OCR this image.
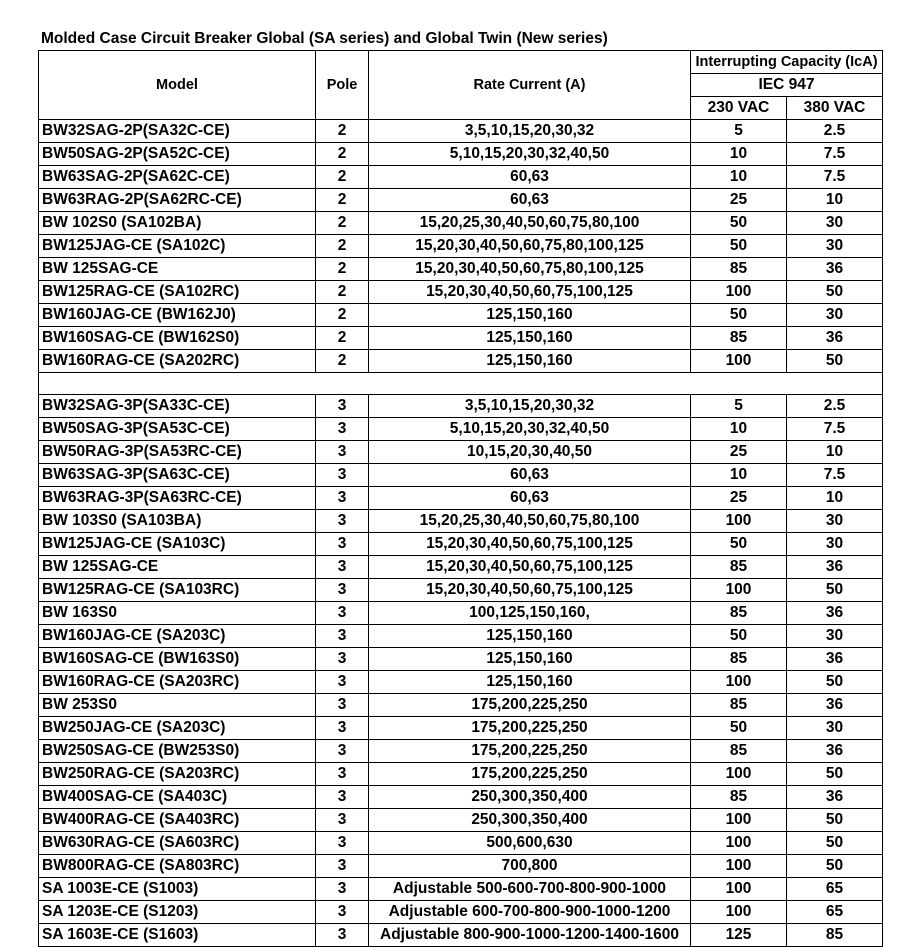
Molded Case Circuit Breaker Global (SA series) and Global Twin (New series)
Model	Pole	Rate Current (A)	Interrupting Capacity (IcA)	
			IEC 947	
			230 VAC	380 VAC
BW32SAG-2P(SA32C-CE)	2	3,5,10,15,20,30,32	5	2.5
BW50SAG-2P(SA52C-CE)	2	5,10,15,20,30,32,40,50	10	7.5
BW63SAG-2P(SA62C-CE)	2	60,63	10	7.5
BW63RAG-2P(SA62RC-CE)	2	60,63	25	10
BW 102S0 (SA102BA)	2	15,20,25,30,40,50,60,75,80,100	50	30
BW125JAG-CE (SA102C)	2	15,20,30,40,50,60,75,80,100,125	50	30
BW 125SAG-CE	2	15,20,30,40,50,60,75,80,100,125	85	36
BW125RAG-CE (SA102RC)	2	15,20,30,40,50,60,75,100,125	100	50
BW160JAG-CE (BW162J0)	2	125,150,160	50	30
BW160SAG-CE (BW162S0)	2	125,150,160	85	36
BW160RAG-CE (SA202RC)	2	125,150,160	100	50

BW32SAG-3P(SA33C-CE)	3	3,5,10,15,20,30,32	5	2.5
BW50SAG-3P(SA53C-CE)	3	5,10,15,20,30,32,40,50	10	7.5
BW50RAG-3P(SA53RC-CE)	3	10,15,20,30,40,50	25	10
BW63SAG-3P(SA63C-CE)	3	60,63	10	7.5
BW63RAG-3P(SA63RC-CE)	3	60,63	25	10
BW 103S0 (SA103BA)	3	15,20,25,30,40,50,60,75,80,100	100	30
BW125JAG-CE (SA103C)	3	15,20,30,40,50,60,75,100,125	50	30
BW 125SAG-CE	3	15,20,30,40,50,60,75,100,125	85	36
BW125RAG-CE (SA103RC)	3	15,20,30,40,50,60,75,100,125	100	50
BW 163S0	3	100,125,150,160,	85	36
BW160JAG-CE (SA203C)	3	125,150,160	50	30
BW160SAG-CE (BW163S0)	3	125,150,160	85	36
BW160RAG-CE (SA203RC)	3	125,150,160	100	50
BW 253S0	3	175,200,225,250	85	36
BW250JAG-CE (SA203C)	3	175,200,225,250	50	30
BW250SAG-CE (BW253S0)	3	175,200,225,250	85	36
BW250RAG-CE (SA203RC)	3	175,200,225,250	100	50
BW400SAG-CE (SA403C)	3	250,300,350,400	85	36
BW400RAG-CE (SA403RC)	3	250,300,350,400	100	50
BW630RAG-CE (SA603RC)	3	500,600,630	100	50
BW800RAG-CE (SA803RC)	3	700,800	100	50
SA 1003E-CE (S1003)	3	Adjustable 500-600-700-800-900-1000	100	65
SA 1203E-CE (S1203)	3	Adjustable 600-700-800-900-1000-1200	100	65
SA 1603E-CE (S1603)	3	Adjustable 800-900-1000-1200-1400-1600	125	85
